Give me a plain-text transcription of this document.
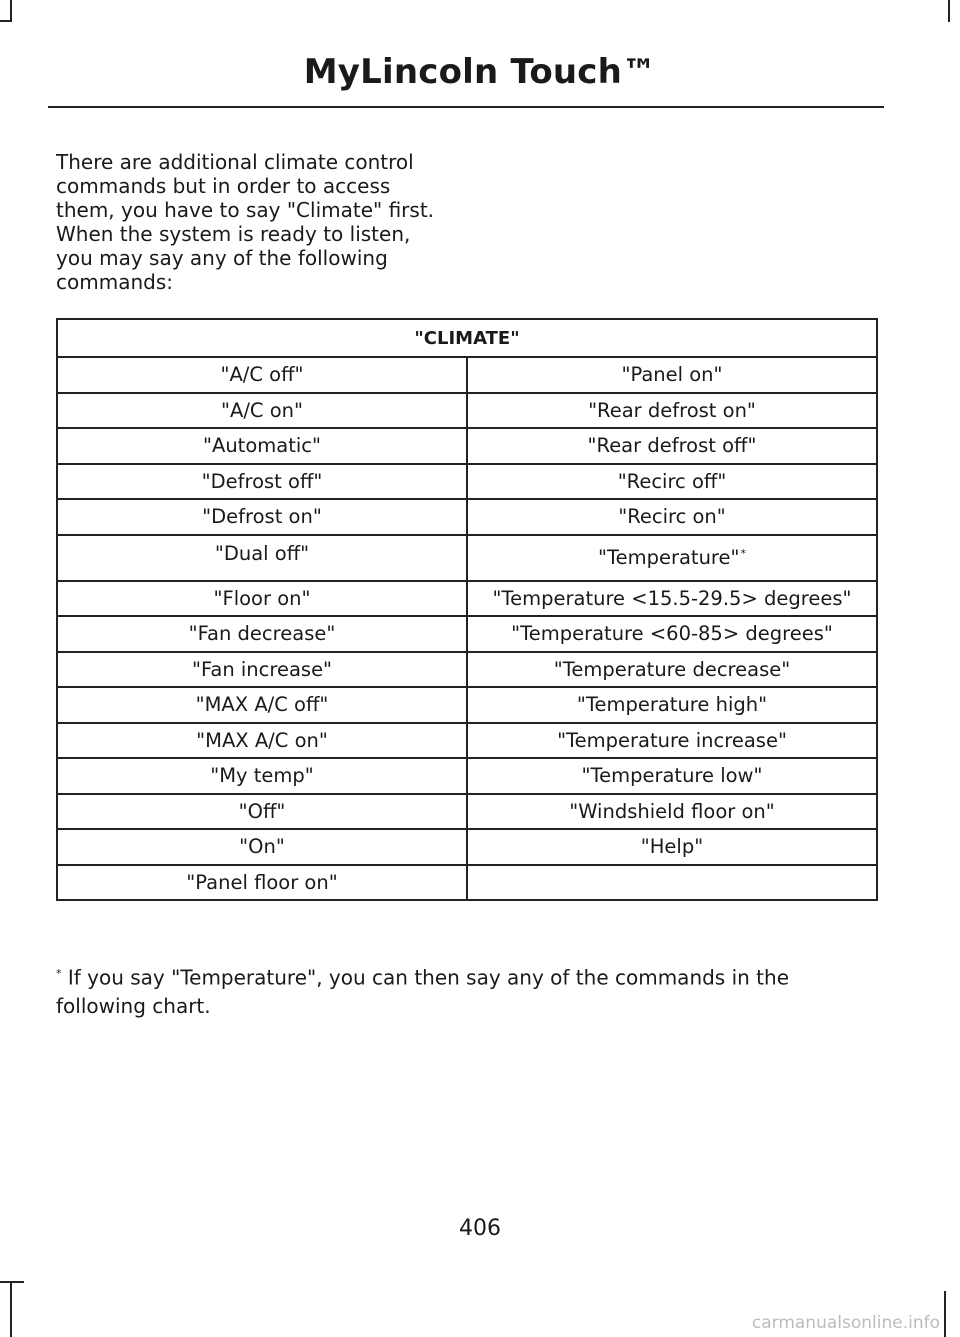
MyLincoln Touch™
There are additional climate control
commands but in order to access
them, you have to say "Climate" first.
When the system is ready to listen,
you may say any of the following
commands:
"CLIMATE"	
"A/C off"	"Panel on"
"A/C on"	"Rear defrost on"
"Automatic"	"Rear defrost off"
"Defrost off"	"Recirc off"
"Defrost on"	"Recirc on"
"Dual off"	"Temperature"*
"Floor on"	"Temperature <15.5-29.5> degrees"
"Fan decrease"	"Temperature <60-85> degrees"
"Fan increase"	"Temperature decrease"
"MAX A/C off"	"Temperature high"
"MAX A/C on"	"Temperature increase"
"My temp"	"Temperature low"
"Off"	"Windshield floor on"
"On"	"Help"
"Panel floor on"	
* If you say "Temperature", you can then say any of the commands in the following chart.
406
carmanualsonline.info
